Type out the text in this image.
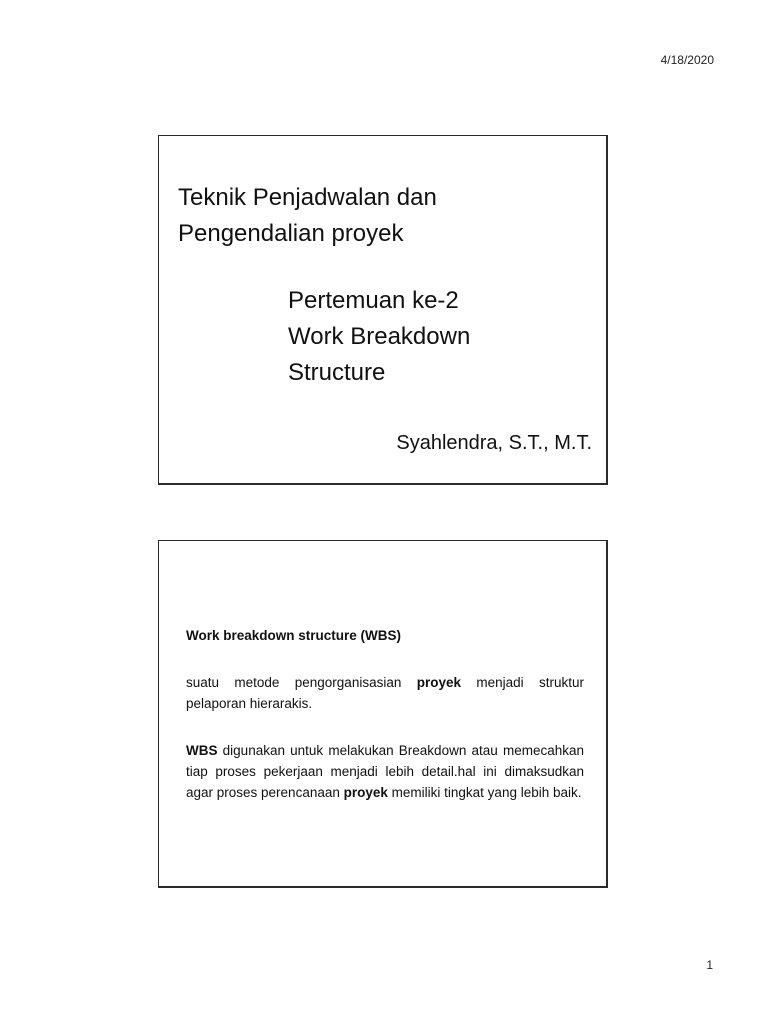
4/18/2020
Teknik Penjadwalan dan
Pengendalian proyek
Pertemuan ke-2
Work Breakdown
Structure
Syahlendra, S.T., M.T.

Work breakdown structure (WBS)

suatu metode pengorganisasian proyek menjadi struktur pelaporan hierarakis.

WBS digunakan untuk melakukan Breakdown atau memecahkan tiap proses pekerjaan menjadi lebih detail.hal ini dimaksudkan agar proses perencanaan proyek memiliki tingkat yang lebih baik.

1
